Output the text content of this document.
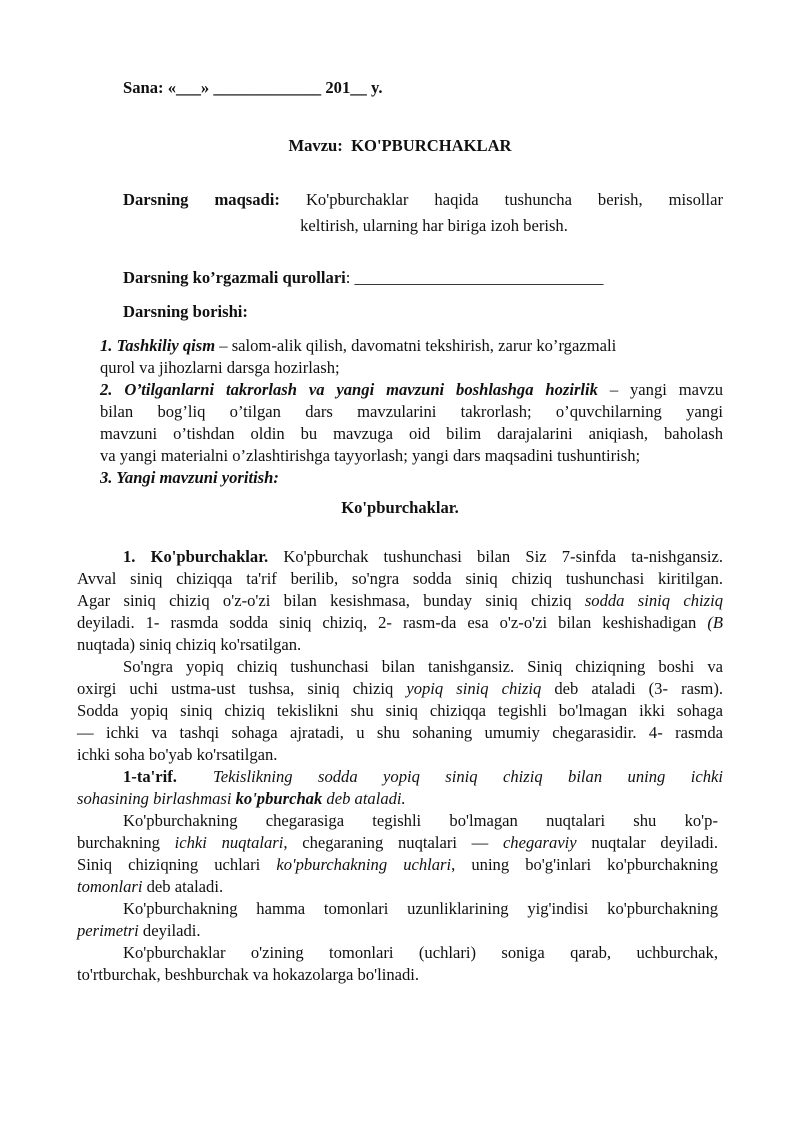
Sana: «___» _____________ 201__ y.
Mavzu: KO'PBURCHAKLAR
Darsning maqsadi: Ko'pburchaklar haqida tushuncha berish, misollar
keltirish, ularning har biriga izoh berish.
Darsning ko’rgazmali qurollari: ______________________________
Darsning borishi:
1. Tashkiliy qism – salom-alik qilish, davomatni tekshirish, zarur ko’rgazmali
qurol va jihozlarni darsga hozirlash;
2. O’tilganlarni takrorlash va yangi mavzuni boshlashga hozirlik – yangi mavzu
bilan bog’liq o’tilgan dars mavzularini takrorlash; o’quvchilarning yangi
mavzuni o’tishdan oldin bu mavzuga oid bilim darajalarini aniqiash, baholash
va yangi materialni o’zlashtirishga tayyorlash; yangi dars maqsadini tushuntirish;
3. Yangi mavzuni yoritish:
Ko'pburchaklar.
1. Ko'pburchaklar. Ko'pburchak tushunchasi bilan Siz 7-sinfda ta-nishgansiz.
Avval siniq chiziqqa ta'rif berilib, so'ngra sodda siniq chiziq tushunchasi kiritilgan.
Agar siniq chiziq o'z-o'zi bilan kesishmasa, bunday siniq chiziq sodda siniq chiziq
deyiladi. 1- rasmda sodda siniq chiziq, 2- rasm-da esa o'z-o'zi bilan keshishadigan (B
nuqtada) siniq chiziq ko'rsatilgan.
So'ngra yopiq chiziq tushunchasi bilan tanishgansiz. Siniq chiziqning boshi va
oxirgi uchi ustma-ust tushsa, siniq chiziq yopiq siniq chiziq deb ataladi (3- rasm).
Sodda yopiq siniq chiziq tekislikni shu siniq chiziqqa tegishli bo'lmagan ikki sohaga
— ichki va tashqi sohaga ajratadi, u shu sohaning umumiy chegarasidir. 4- rasmda
ichki soha bo'yab ko'rsatilgan.
1-ta'rif. Tekislikning sodda yopiq siniq chiziq bilan uning ichki
sohasining birlashmasi ko'pburchak deb ataladi.
Ko'pburchakning chegarasiga tegishli bo'lmagan nuqtalari shu ko'p-
burchakning ichki nuqtalari, chegaraning nuqtalari — chegaraviy nuqtalar deyiladi.
Siniq chiziqning uchlari ko'pburchakning uchlari, uning bo'g'inlari ko'pburchakning
tomonlari deb ataladi.
Ko'pburchakning hamma tomonlari uzunliklarining yig'indisi ko'pburchakning
perimetri deyiladi.
Ko'pburchaklar o'zining tomonlari (uchlari) soniga qarab, uchburchak,
to'rtburchak, beshburchak va hokazolarga bo'linadi.
